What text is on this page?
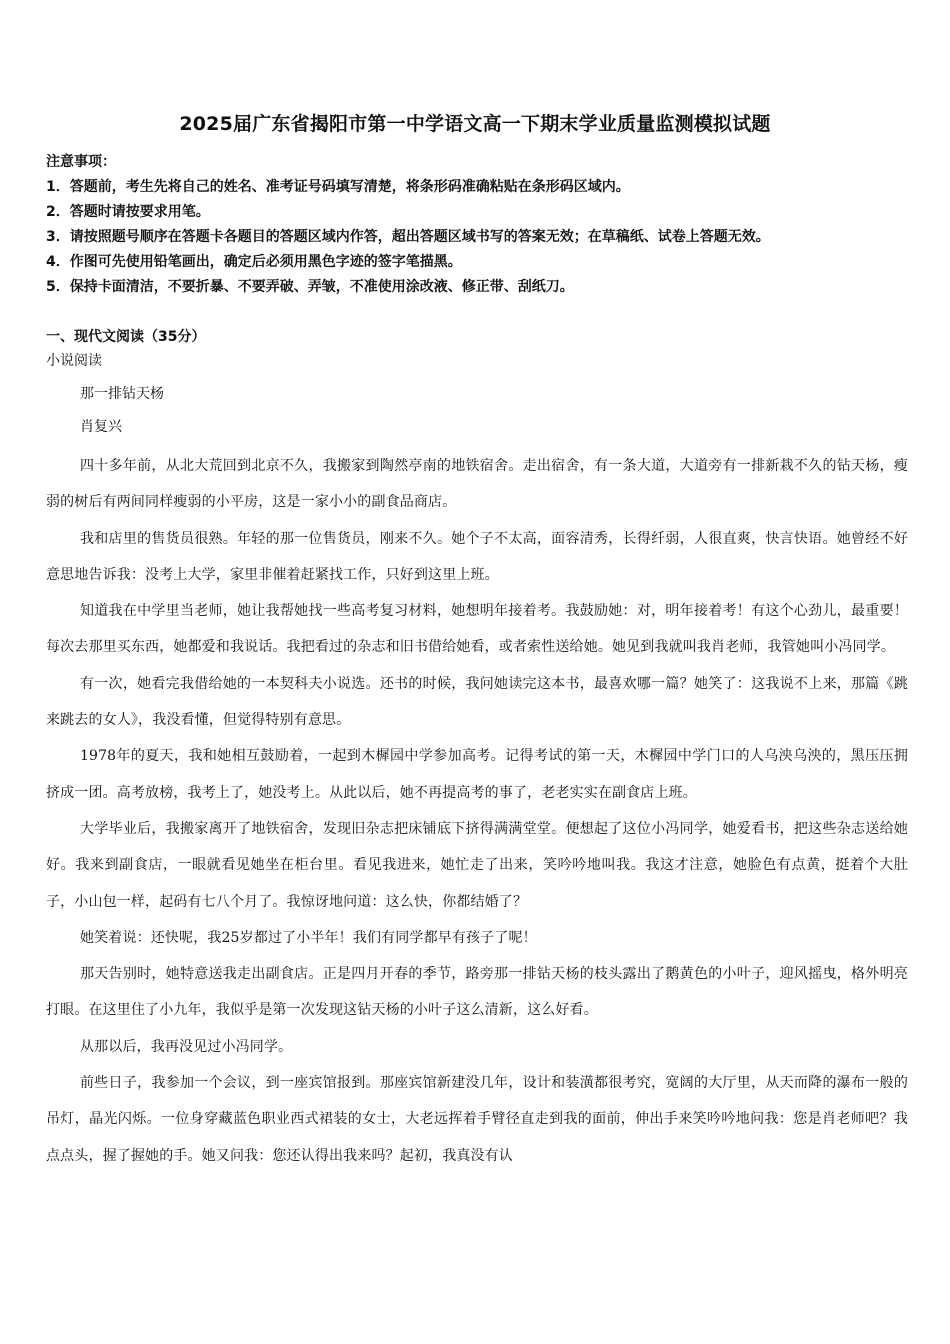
2025届广东省揭阳市第一中学语文高一下期末学业质量监测模拟试题
注意事项：
1．答题前，考生先将自己的姓名、准考证号码填写清楚，将条形码准确粘贴在条形码区域内。
2．答题时请按要求用笔。
3．请按照题号顺序在答题卡各题目的答题区域内作答，超出答题区域书写的答案无效；在草稿纸、试卷上答题无效。
4．作图可先使用铅笔画出，确定后必须用黑色字迹的签字笔描黑。
5．保持卡面清洁，不要折暴、不要弄破、弄皱，不准使用涂改液、修正带、刮纸刀。
一、现代文阅读（35分）
小说阅读
那一排钻天杨
肖复兴

四十多年前，从北大荒回到北京不久，我搬家到陶然亭南的地铁宿舍。走出宿舍，有一条大道，大道旁有一排新栽不久的钻天杨，瘦弱的树后有两间同样瘦弱的小平房，这是一家小小的副食品商店。

我和店里的售货员很熟。年轻的那一位售货员，刚来不久。她个子不太高，面容清秀，长得纤弱，人很直爽，快言快语。她曾经不好意思地告诉我：没考上大学，家里非催着赶紧找工作，只好到这里上班。

知道我在中学里当老师，她让我帮她找一些高考复习材料，她想明年接着考。我鼓励她：对，明年接着考！有这个心劲儿，最重要！每次去那里买东西，她都爱和我说话。我把看过的杂志和旧书借给她看，或者索性送给她。她见到我就叫我肖老师，我管她叫小冯同学。

有一次，她看完我借给她的一本契科夫小说选。还书的时候，我问她读完这本书，最喜欢哪一篇？她笑了：这我说不上来，那篇《跳来跳去的女人》，我没看懂，但觉得特别有意思。

1978年的夏天，我和她相互鼓励着，一起到木樨园中学参加高考。记得考试的第一天，木樨园中学门口的人乌泱乌泱的，黑压压拥挤成一团。高考放榜，我考上了，她没考上。从此以后，她不再提高考的事了，老老实实在副食店上班。

大学毕业后，我搬家离开了地铁宿舍，发现旧杂志把床铺底下挤得满满堂堂。便想起了这位小冯同学，她爱看书，把这些杂志送给她好。我来到副食店，一眼就看见她坐在柜台里。看见我进来，她忙走了出来，笑吟吟地叫我。我这才注意，她脸色有点黄，挺着个大肚子，小山包一样，起码有七八个月了。我惊讶地问道：这么快，你都结婚了？

她笑着说：还快呢，我25岁都过了小半年！我们有同学都早有孩子了呢！

那天告别时，她特意送我走出副食店。正是四月开春的季节，路旁那一排钻天杨的枝头露出了鹅黄色的小叶子，迎风摇曳，格外明亮打眼。在这里住了小九年，我似乎是第一次发现这钻天杨的小叶子这么清新，这么好看。

从那以后，我再没见过小冯同学。

前些日子，我参加一个会议，到一座宾馆报到。那座宾馆新建没几年，设计和装潢都很考究，宽阔的大厅里，从天而降的瀑布一般的吊灯，晶光闪烁。一位身穿藏蓝色职业西式裙装的女士，大老远挥着手臂径直走到我的面前，伸出手来笑吟吟地问我：您是肖老师吧？我点点头，握了握她的手。她又问我：您还认得出我来吗？起初，我真没有认
